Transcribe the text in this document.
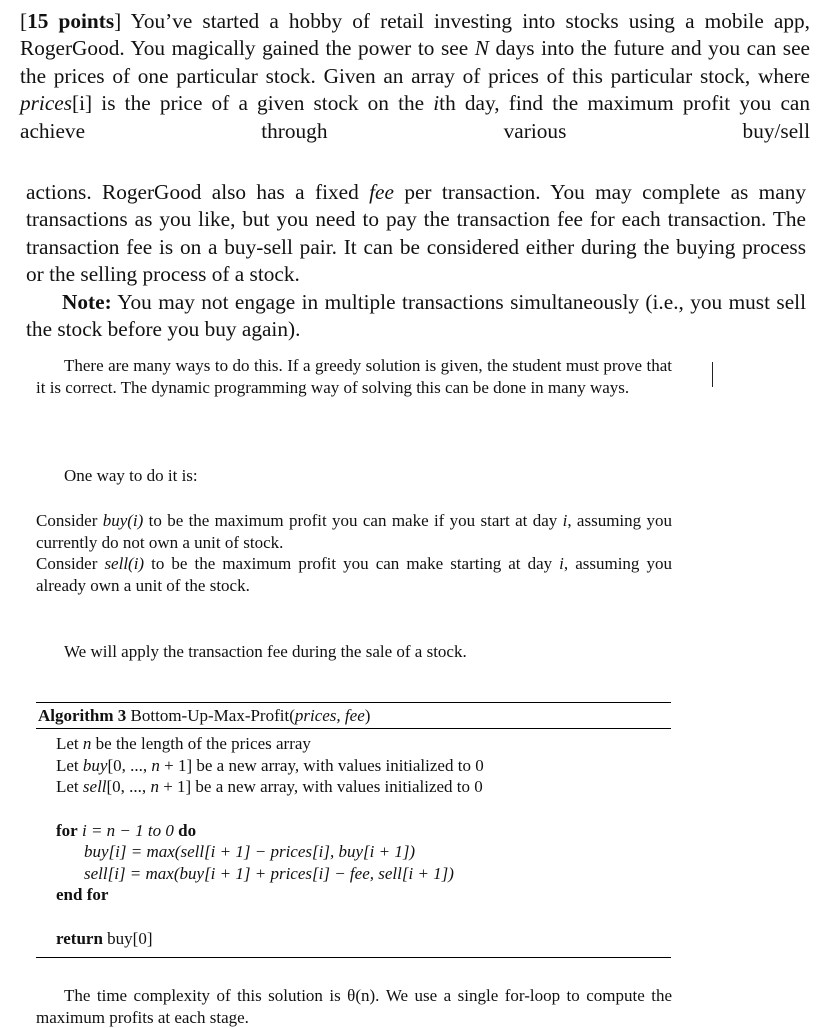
[15 points] You’ve started a hobby of retail investing into stocks using a mobile app, RogerGood. You magically gained the power to see N days into the future and you can see the prices of one particular stock. Given an array of prices of this particular stock, where prices[i] is the price of a given stock on the ith day, find the maximum profit you can achieve through various buy/sell
actions. RogerGood also has a fixed fee per transaction. You may complete as many transactions as you like, but you need to pay the transaction fee for each transaction. The transaction fee is on a buy-sell pair. It can be considered either during the buying process or the selling process of a stock.
Note: You may not engage in multiple transactions simultaneously (i.e., you must sell the stock before you buy again).
There are many ways to do this. If a greedy solution is given, the student must prove that it is correct. The dynamic programming way of solving this can be done in many ways.
One way to do it is:
Consider buy(i) to be the maximum profit you can make if you start at day i, assuming you currently do not own a unit of stock.
Consider sell(i) to be the maximum profit you can make starting at day i, assuming you already own a unit of the stock.
We will apply the transaction fee during the sale of a stock.
Algorithm 3 Bottom-Up-Max-Profit(prices, fee)
Let n be the length of the prices array
Let buy[0, ..., n + 1] be a new array, with values initialized to 0
Let sell[0, ..., n + 1] be a new array, with values initialized to 0
for i = n − 1 to 0 do
buy[i] = max(sell[i + 1] − prices[i], buy[i + 1])
sell[i] = max(buy[i + 1] + prices[i] − fee, sell[i + 1])
end for
return buy[0]
The time complexity of this solution is θ(n). We use a single for-loop to compute the maximum profits at each stage.
